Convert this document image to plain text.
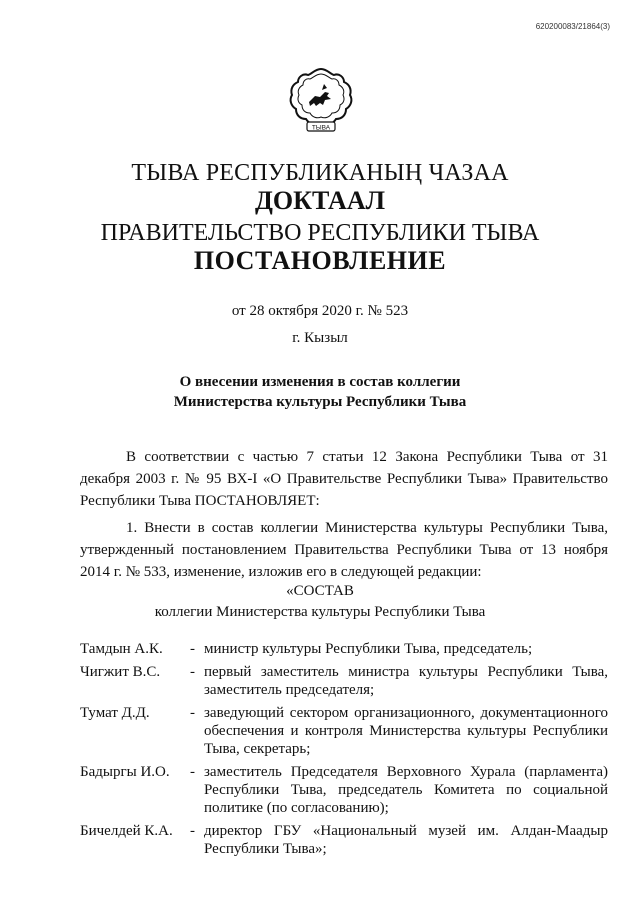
620200083/21864(3)
ТЫВА
ТЫВА РЕСПУБЛИКАНЫҢ ЧАЗАА
ДОКТААЛ
ПРАВИТЕЛЬСТВО РЕСПУБЛИКИ ТЫВА
ПОСТАНОВЛЕНИЕ
от 28 октября 2020 г. № 523
г. Кызыл
О внесении изменения в состав коллегии
Министерства культуры Республики Тыва
В соответствии с частью 7 статьи 12 Закона Республики Тыва от 31 декабря 2003 г. № 95 ВХ-I «О Правительстве Республики Тыва» Правительство Республики Тыва ПОСТАНОВЛЯЕТ:
1. Внести в состав коллегии Министерства культуры Республики Тыва, утвержденный постановлением Правительства Республики Тыва от 13 ноября 2014 г. № 533, изменение, изложив его в следующей редакции:
«СОСТАВ
коллегии Министерства культуры Республики Тыва
Тамдын А.К.	- министр культуры Республики Тыва, председатель;
Чигжит В.С.	- первый заместитель министра культуры Республики Тыва, заместитель председателя;
Тумат Д.Д.	- заведующий сектором организационного, документационного обеспечения и контроля Министерства культуры Республики Тыва, секретарь;
Бадыргы И.О.	- заместитель Председателя Верховного Хурала (парламента) Республики Тыва, председатель Комитета по социальной политике (по согласованию);
Бичелдей К.А.	- директор ГБУ «Национальный музей им. Алдан-Маадыр Республики Тыва»;
